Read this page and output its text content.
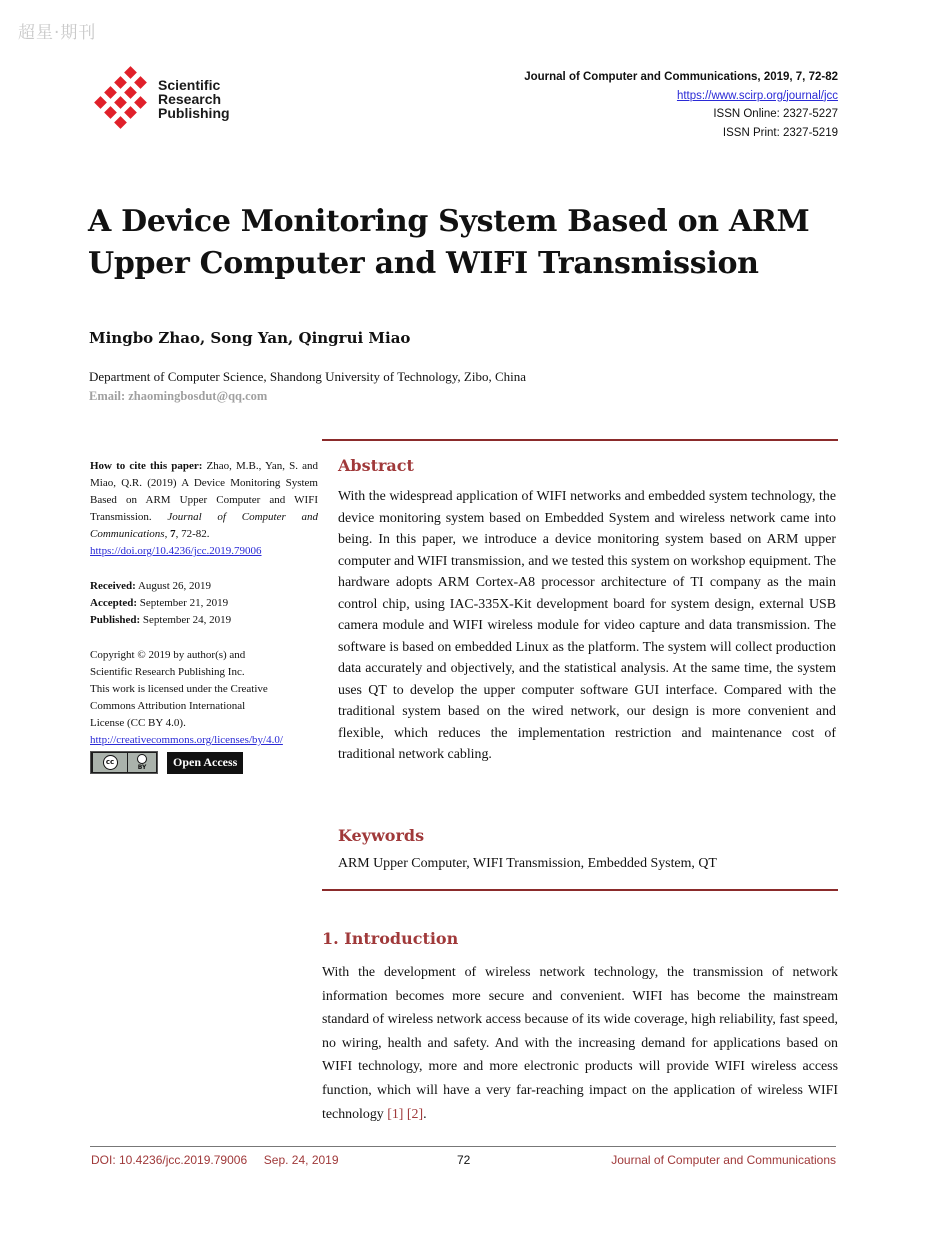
超星·期刊
Scientific
Research
Publishing
Journal of Computer and Communications, 2019, 7, 72-82
https://www.scirp.org/journal/jcc
ISSN Online: 2327-5227
ISSN Print: 2327-5219
A Device Monitoring System Based on ARM Upper Computer and WIFI Transmission
Mingbo Zhao, Song Yan, Qingrui Miao
Department of Computer Science, Shandong University of Technology, Zibo, China
Email: zhaomingbosdut@qq.com
How to cite this paper: Zhao, M.B., Yan, S. and Miao, Q.R. (2019) A Device Monitoring System Based on ARM Upper Computer and WIFI Transmission. Journal of Computer and Communications, 7, 72-82.
https://doi.org/10.4236/jcc.2019.79006
Received: August 26, 2019
Accepted: September 21, 2019
Published: September 24, 2019
Copyright © 2019 by author(s) and
Scientific Research Publishing Inc.
This work is licensed under the Creative
Commons Attribution International
License (CC BY 4.0).
http://creativecommons.org/licenses/by/4.0/
cc
BY	Open Access
Abstract

With the widespread application of WIFI networks and embedded system technology, the device monitoring system based on Embedded System and wireless network came into being. In this paper, we introduce a device monitoring system based on ARM upper computer and WIFI transmission, and we tested this system on workshop equipment. The hardware adopts ARM Cortex-A8 processor architecture of TI company as the main control chip, using IAC-335X-Kit development board for system design, external USB camera module and WIFI wireless module for video capture and data transmission. The software is based on embedded Linux as the platform. The system will collect production data accurately and objectively, and the statistical analysis. At the same time, the system uses QT to develop the upper computer software GUI interface. Compared with the traditional system based on the wired network, our design is more convenient and flexible, which reduces the implementation restriction and maintenance cost of traditional network cabling.

Keywords
ARM Upper Computer, WIFI Transmission, Embedded System, QT
1. Introduction

With the development of wireless network technology, the transmission of network information becomes more secure and convenient. WIFI has become the mainstream standard of wireless network access because of its wide coverage, high reliability, fast speed, no wiring, health and safety. And with the increasing demand for applications based on WIFI technology, more and more electronic products will provide WIFI wireless access function, which will have a very far-reaching impact on the application of wireless WIFI technology [1] [2].

DOI: 10.4236/jcc.2019.79006     Sep. 24, 2019	72	Journal of Computer and Communications
